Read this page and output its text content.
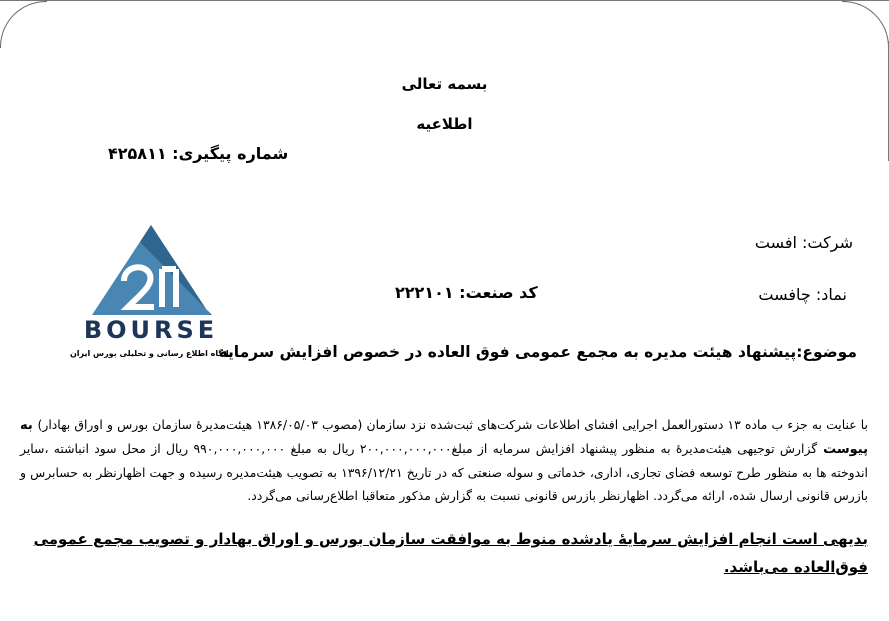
بسمه تعالی
اطلاعیه
شماره پیگیری: ۴۲۵۸۱۱
شرکت: افست
نماد: چافست
کد صنعت: ۲۲۲۱۰۱
BOURSE
پایگاه اطلاع رسانی و تحلیلی بورس ایران
موضوع:پیشنهاد هیئت مدیره به مجمع عمومی فوق العاده در خصوص افزایش سرمایه
با عنایت به جزء ب ماده ۱۳ دستورالعمل اجرایی افشای اطلاعات شرکت‌های ثبت‌شده نزد سازمان (مصوب ۱۳۸۶/۰۵/۰۳ هیئت‌مدیرۀ سازمان بورس و اوراق بهادار) به پیوست گزارش توجیهی هیئت‌مدیرۀ به منظور پیشنهاد افزایش سرمایه از مبلغ۲۰۰,۰۰۰,۰۰۰,۰۰۰ ریال به مبلغ ۹۹۰,۰۰۰,۰۰۰,۰۰۰ ریال از محل سود انباشته ،سایر اندوخته ها به منظور طرح توسعه فضای تجاری، اداری، خدماتی و سوله صنعتی که در تاریخ ۱۳۹۶/۱۲/۲۱ به تصویب هیئت‌مدیره رسیده و جهت اظهارنظر به حسابرس و بازرس قانونی ارسال شده، ارائه می‌گردد. اظهارنظر بازرس قانونی نسبت به گزارش مذکور متعاقبا اطلاع‌رسانی می‌گردد.
بدیهی است انجام افزایش سرمایۀ یادشده منوط به موافقت سازمان بورس و اوراق بهادار و تصویب مجمع عمومی فوق‌العاده می‌باشد.
